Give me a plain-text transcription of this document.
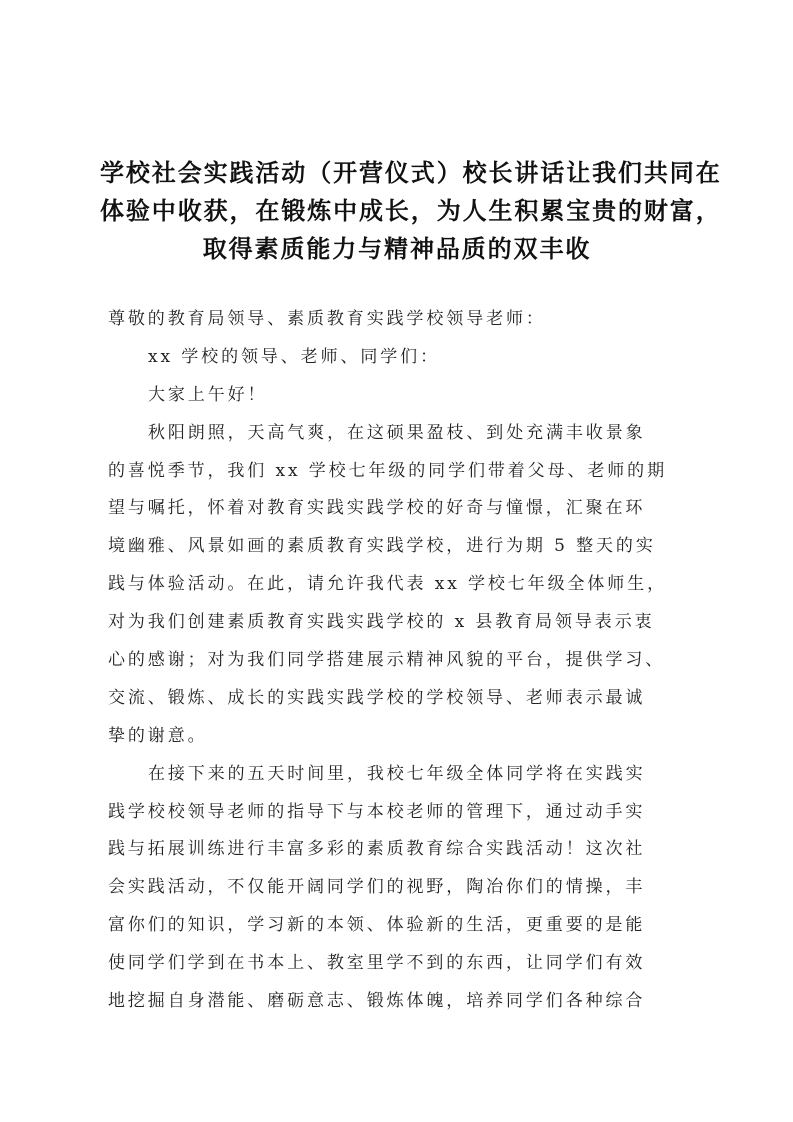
学校社会实践活动（开营仪式）校长讲话让我们共同在
体验中收获，在锻炼中成长，为人生积累宝贵的财富，
取得素质能力与精神品质的双丰收
尊敬的教育局领导、素质教育实践学校领导老师：
xx 学校的领导、老师、同学们：
大家上午好！
秋阳朗照，天高气爽，在这硕果盈枝、到处充满丰收景象
的喜悦季节，我们 xx 学校七年级的同学们带着父母、老师的期
望与嘱托，怀着对教育实践实践学校的好奇与憧憬，汇聚在环
境幽雅、风景如画的素质教育实践学校，进行为期 5 整天的实
践与体验活动。在此，请允许我代表 xx 学校七年级全体师生，
对为我们创建素质教育实践实践学校的 x 县教育局领导表示衷
心的感谢；对为我们同学搭建展示精神风貌的平台，提供学习、
交流、锻炼、成长的实践实践学校的学校领导、老师表示最诚
挚的谢意。
在接下来的五天时间里，我校七年级全体同学将在实践实
践学校校领导老师的指导下与本校老师的管理下，通过动手实
践与拓展训练进行丰富多彩的素质教育综合实践活动！这次社
会实践活动，不仅能开阔同学们的视野，陶冶你们的情操，丰
富你们的知识，学习新的本领、体验新的生活，更重要的是能
使同学们学到在书本上、教室里学不到的东西，让同学们有效
地挖掘自身潜能、磨砺意志、锻炼体魄，培养同学们各种综合
